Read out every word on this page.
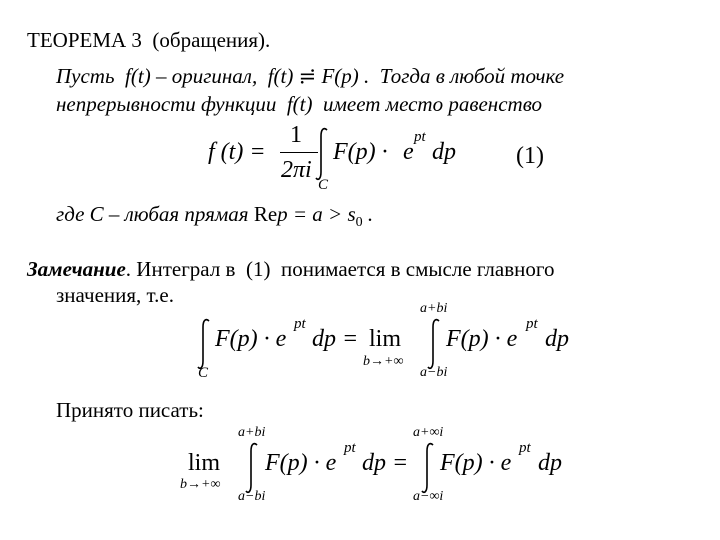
ТЕОРЕМА 3 (обращения).
Пусть f(t) – оригинал, f(t) ≓ F(p) . Тогда в любой точке
непрерывности функции f(t) имеет место равенство
f (t) =
1
2πi
C
F(p) · e
pt
dp	(1)
где С – любая прямая Rep = $a > s_0$ .
Замечание. Интеграл в (1) понимается в смысле главного
значения, т.е.
C
F(p) · e
pt
dp = lim
b→+∞
a+bi
a−bi
F(p) · e
pt
dp
Принято писать:
lim
b→+∞
a+bi
a−bi
F(p) · e
pt
dp =
a+∞i
a−∞i
F(p) · e
pt
dp
